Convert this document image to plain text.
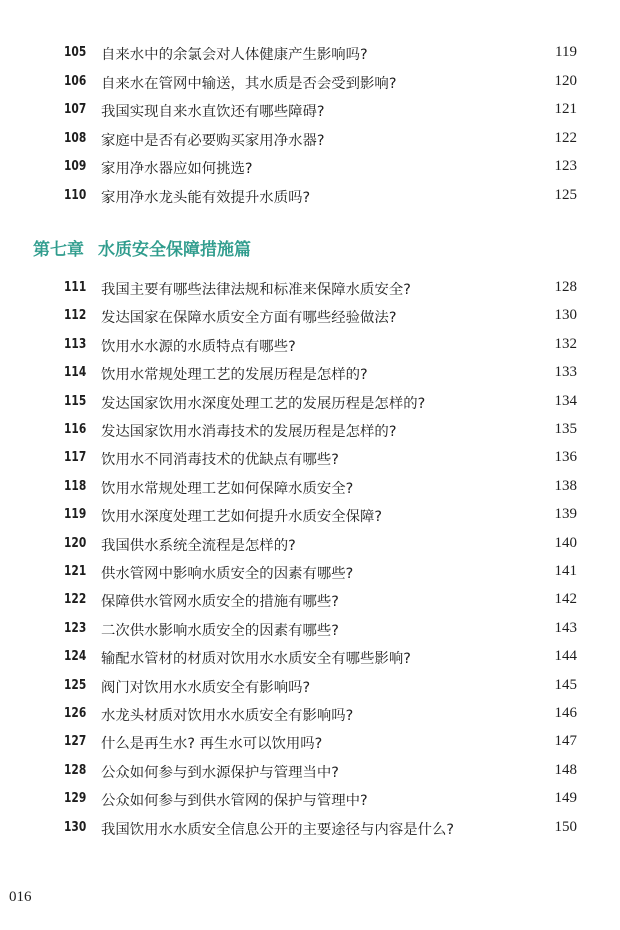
105 自来水中的余氯会对人体健康产生影响吗?	119
106 自来水在管网中输送，其水质是否会受到影响?	120
107 我国实现自来水直饮还有哪些障碍?	121
108 家庭中是否有必要购买家用净水器?	122
109 家用净水器应如何挑选?	123
110 家用净水龙头能有效提升水质吗?	125
第七章 水质安全保障措施篇
111 我国主要有哪些法律法规和标准来保障水质安全?	128
112 发达国家在保障水质安全方面有哪些经验做法?	130
113 饮用水水源的水质特点有哪些?	132
114 饮用水常规处理工艺的发展历程是怎样的?	133
115 发达国家饮用水深度处理工艺的发展历程是怎样的?	134
116 发达国家饮用水消毒技术的发展历程是怎样的?	135
117 饮用水不同消毒技术的优缺点有哪些?	136
118 饮用水常规处理工艺如何保障水质安全?	138
119 饮用水深度处理工艺如何提升水质安全保障?	139
120 我国供水系统全流程是怎样的?	140
121 供水管网中影响水质安全的因素有哪些?	141
122 保障供水管网水质安全的措施有哪些?	142
123 二次供水影响水质安全的因素有哪些?	143
124 输配水管材的材质对饮用水水质安全有哪些影响?	144
125 阀门对饮用水水质安全有影响吗?	145
126 水龙头材质对饮用水水质安全有影响吗?	146
127 什么是再生水? 再生水可以饮用吗?	147
128 公众如何参与到水源保护与管理当中?	148
129 公众如何参与到供水管网的保护与管理中?	149
130 我国饮用水水质安全信息公开的主要途径与内容是什么?	150
016
